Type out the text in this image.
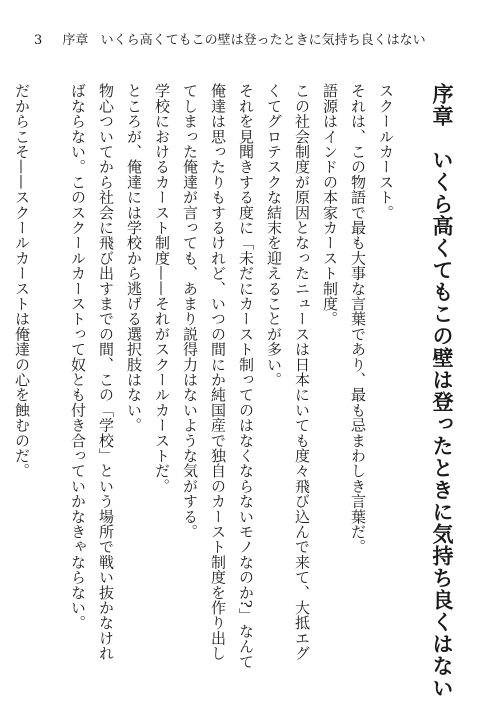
3 序章 いくら高くてもこの壁は登ったときに気持ち良くはない
序章　いくら高くてもこの壁は登ったときに気持ち良くはない

スクールカースト。

それは、この物語で最も大事な言葉であり、最も忌まわしき言葉だ。

語源はインドの本家カースト制度。

この社会制度が原因となったニュースは日本にいても度々飛び込んで来て、大抵エグくてグロテスクな結末を迎えることが多い。

それを見聞きする度に「未だにカースト制ってのはなくならないモノなのか?」なんて俺達は思ったりもするけれど、いつの間にか純国産で独自のカースト制度を作り出してしまった俺達が言っても、あまり説得力はないような気がする。

学校におけるカースト制度——それがスクールカーストだ。

ところが、俺達には学校から逃げる選択肢はない。

物心ついてから社会に飛び出すまでの間、この「学校」という場所で戦い抜かなければならない。このスクールカーストって奴とも付き合っていかなきゃならない。

だからこそ——スクールカーストは俺達の心を蝕むのだ。
